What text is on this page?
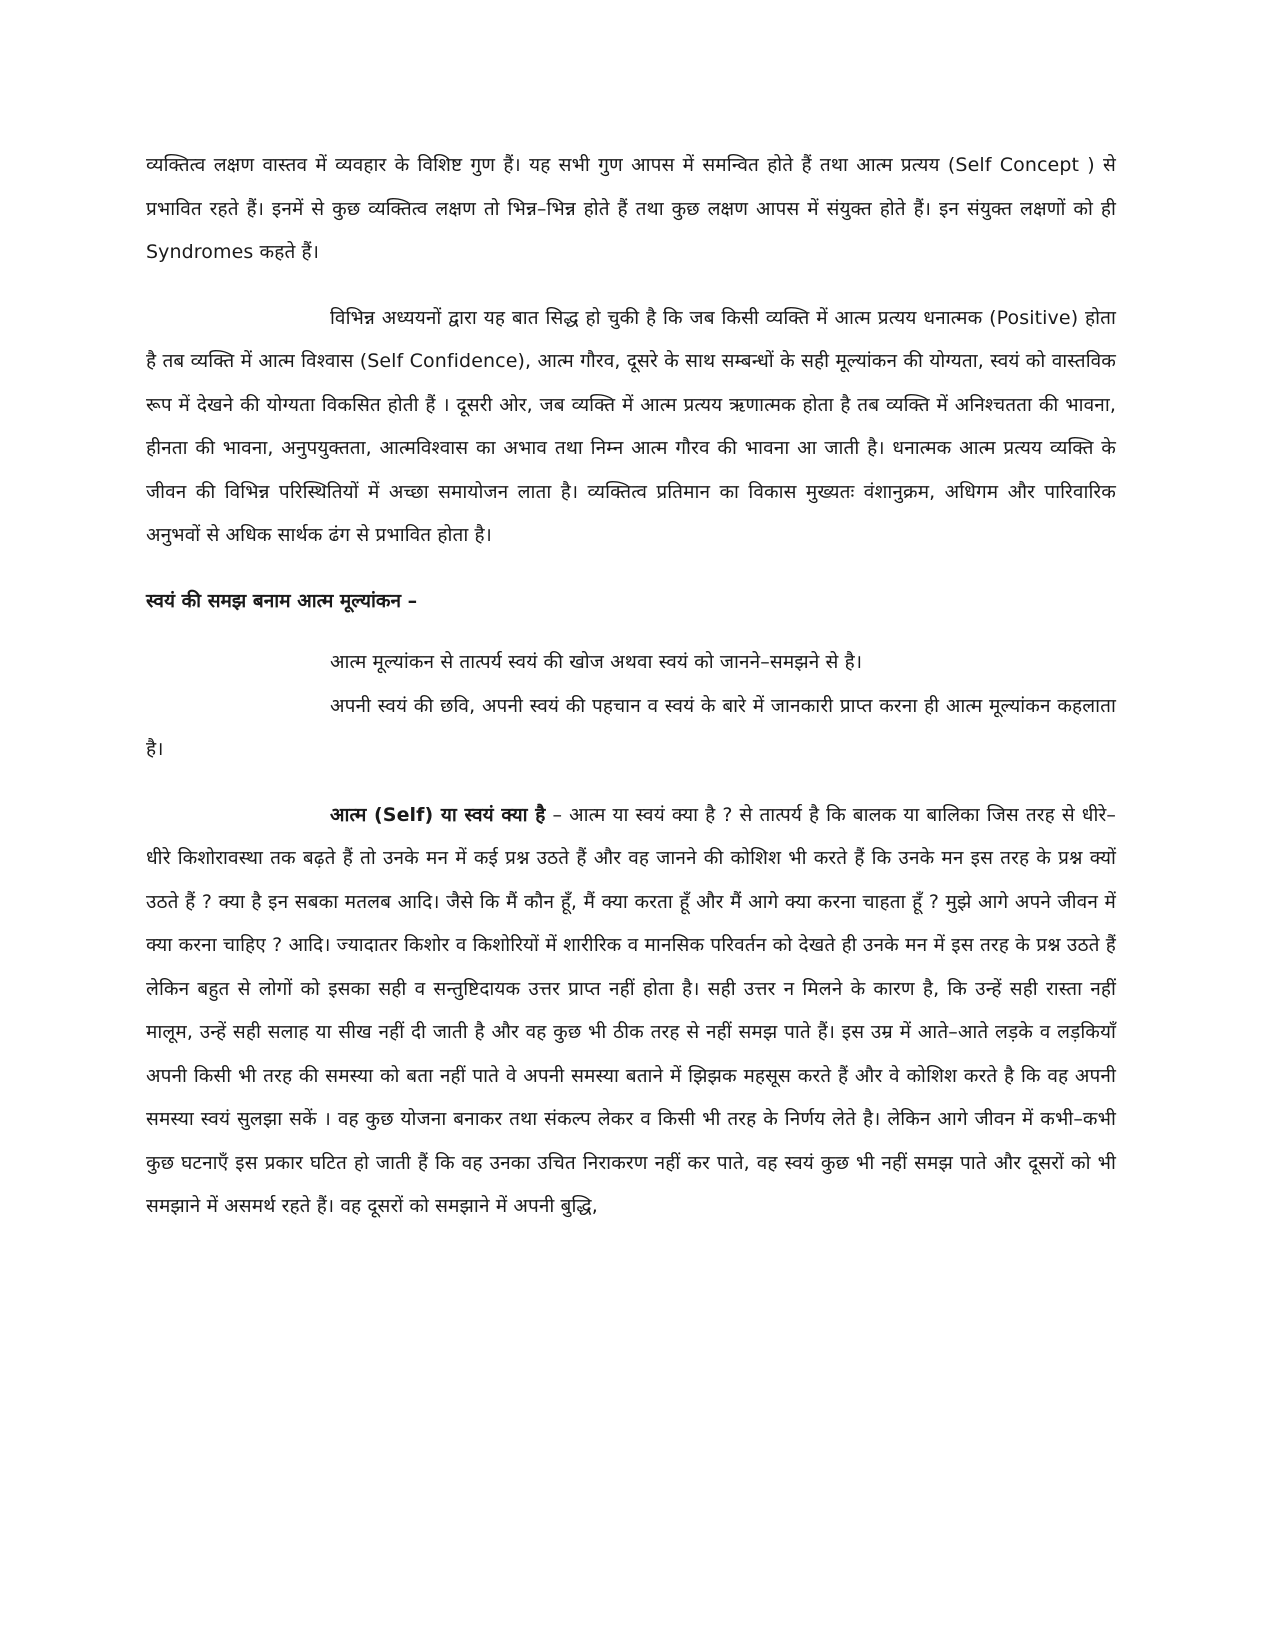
व्यक्तित्व लक्षण वास्तव में व्यवहार के विशिष्ट गुण हैं। यह सभी गुण आपस में समन्वित होते हैं तथा आत्म प्रत्यय (Self Concept ) से प्रभावित रहते हैं। इनमें से कुछ व्यक्तित्व लक्षण तो भिन्न–भिन्न होते हैं तथा कुछ लक्षण आपस में संयुक्त होते हैं। इन संयुक्त लक्षणों को ही Syndromes कहते हैं।

विभिन्न अध्ययनों द्वारा यह बात सिद्ध हो चुकी है कि जब किसी व्यक्ति में आत्म प्रत्यय धनात्मक (Positive) होता है तब व्यक्ति में आत्म विश्वास (Self Confidence), आत्म गौरव, दूसरे के साथ सम्बन्धों के सही मूल्यांकन की योग्यता, स्वयं को वास्तविक रूप में देखने की योग्यता विकसित होती हैं । दूसरी ओर, जब व्यक्ति में आत्म प्रत्यय ऋणात्मक होता है तब व्यक्ति में अनिश्चतता की भावना, हीनता की भावना, अनुपयुक्तता, आत्मविश्वास का अभाव तथा निम्न आत्म गौरव की भावना आ जाती है। धनात्मक आत्म प्रत्यय व्यक्ति के जीवन की विभिन्न परिस्थितियों में अच्छा समायोजन लाता है। व्यक्तित्व प्रतिमान का विकास मुख्यतः वंशानुक्रम, अधिगम और पारिवारिक अनुभवों से अधिक सार्थक ढंग से प्रभावित होता है।

स्वयं की समझ बनाम आत्म मूल्यांकन –

आत्म मूल्यांकन से तात्पर्य स्वयं की खोज अथवा स्वयं को जानने–समझने से है।

अपनी स्वयं की छवि, अपनी स्वयं की पहचान व स्वयं के बारे में जानकारी प्राप्त करना ही आत्म मूल्यांकन कहलाता है।

आत्म (Self) या स्वयं क्या है – आत्म या स्वयं क्या है ? से तात्पर्य है कि बालक या बालिका जिस तरह से धीरे–धीरे किशोरावस्था तक बढ़ते हैं तो उनके मन में कई प्रश्न उठते हैं और वह जानने की कोशिश भी करते हैं कि उनके मन इस तरह के प्रश्न क्यों उठते हैं ? क्या है इन सबका मतलब आदि। जैसे कि मैं कौन हूँ, मैं क्या करता हूँ और मैं आगे क्या करना चाहता हूँ ? मुझे आगे अपने जीवन में क्या करना चाहिए ? आदि। ज्यादातर किशोर व किशोरियों में शारीरिक व मानसिक परिवर्तन को देखते ही उनके मन में इस तरह के प्रश्न उठते हैं लेकिन बहुत से लोगों को इसका सही व सन्तुष्टिदायक उत्तर प्राप्त नहीं होता है। सही उत्तर न मिलने के कारण है, कि उन्हें सही रास्ता नहीं मालूम, उन्हें सही सलाह या सीख नहीं दी जाती है और वह कुछ भी ठीक तरह से नहीं समझ पाते हैं। इस उम्र में आते–आते लड़के व लड़कियाँ अपनी किसी भी तरह की समस्या को बता नहीं पाते वे अपनी समस्या बताने में झिझक महसूस करते हैं और वे कोशिश करते है कि वह अपनी समस्या स्वयं सुलझा सकें । वह कुछ योजना बनाकर तथा संकल्प लेकर व किसी भी तरह के निर्णय लेते है। लेकिन आगे जीवन में कभी–कभी कुछ घटनाएँ इस प्रकार घटित हो जाती हैं कि वह उनका उचित निराकरण नहीं कर पाते, वह स्वयं कुछ भी नहीं समझ पाते और दूसरों को भी समझाने में असमर्थ रहते हैं। वह दूसरों को समझाने में अपनी बुद्धि,
